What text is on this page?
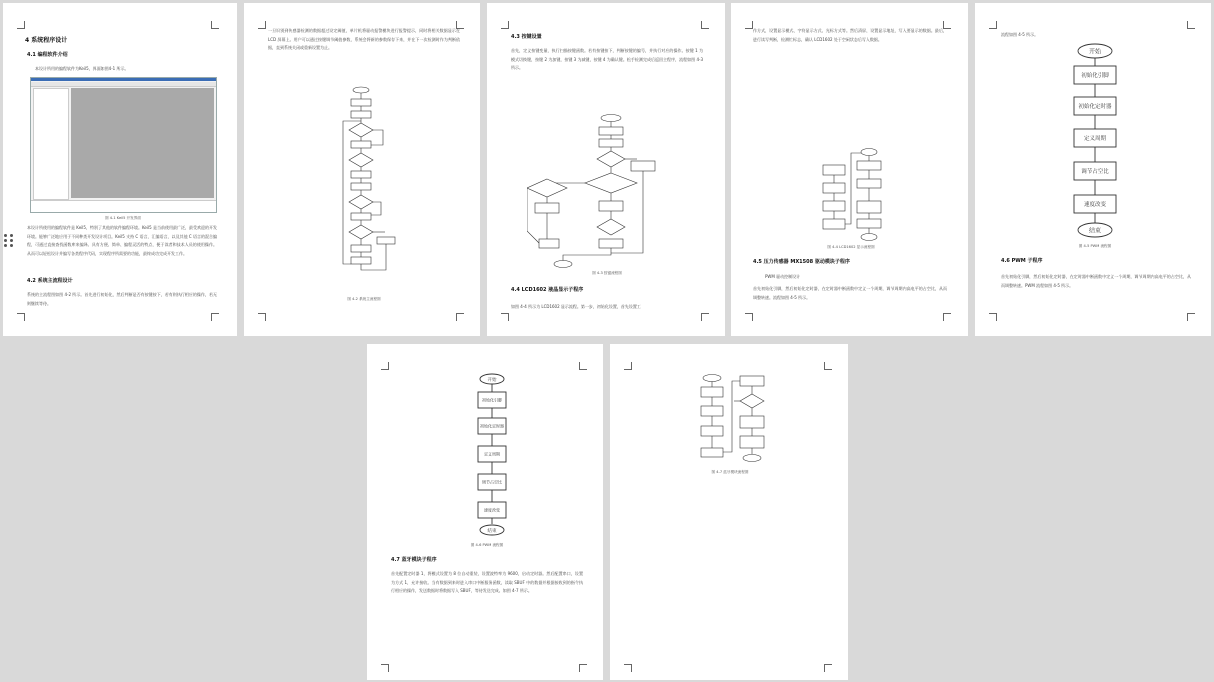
4 系统程序设计
4.1 编程软件介绍
本设计所用的编程软件为Keil5，界面如图4-1 所示。
图 4-1 Keil5 开发界面
本设计所使用的编程软件是 Keil5，特别了其他的软件编程环境。Keil5 是当前使用最广泛，最受欢迎的开发环境。能够广泛地应用于不同种类开发设计项目。Keil5 支持 C 语言，汇编语言，以及其他 C 语言的混合编程，可通过直接查找函数库来编译。具有方便、简单、编程灵活的特点，便于读者和技术人员的使用操作。从而可以轻松设计并编写各类程序代码，实现程序所需要的功能，最终成功完成开发工作。
4.2 系统主流程设计
系统的主流程图如图 4-2 所示。首先进行初始化，然后判断是否有按键按下，若有则执行相应的操作，若无则继续等待。
一旦识别到传感器检测的数据超过设定阈值，单片机将驱动报警模块进行报警提示，同时将相关数据显示在 LCD 屏幕上。用户可以通过按键调节阈值参数，系统会将新的参数保存下来，并在下一次检测时作为判断依据，直到系统关闭或重新设置为止。
图 4-2 系统主流程图
4.3 按键设置
首先，定义按键变量，执行扫描按键函数。若有按键按下，判断按键的编号，并执行对应的操作。按键 1 为模式切换键，按键 2 为加键，按键 3 为减键，按键 4 为确认键。松手检测完成后返回主程序，流程如图 4-3 所示。
图 4-3 按键流程图
4.4 LCD1602 液晶显示子程序
如图 4-4 所示为 LCD1602 显示流程。第一步，初始化设置，首先设置工
作方式，设置显示模式、字符显示方式、光标方式等。然后清屏，设置显示地址，写入要显示的数据。最后，进行读写判断，检测忙标志，确认 LCD1602 处于空闲状态后写入数据。
图 4-4 LCD1602 显示流程图
4.5 压力传感器 MX1508 驱动模块子程序
PWM 驱动控制设计
首先初始化引脚，然后初始化定时器，在定时器中断函数中定义一个周期，调节周期内高电平的占空比，从而调整转速。流程如图 4-5 所示。
流程如图 4-5 所示。
开始
初始化引脚
初始化定时器
定义周期
调节占空比
速度改变
结束
图 4-5 PWM 流程图
4.6 PWM 子程序
首先初始化引脚，然后初始化定时器，在定时器中断函数中定义一个周期，调节周期内高电平的占空比，从而调整转速。PWM 流程如图 4-5 所示。
开始
初始化引脚
初始化定时器
定义周期
调节占空比
速度改变
结束
图 4-6 PWM 流程图
4.7 蓝牙模块子程序
首先配置定时器 1，将模式设置为 8 位自动重装，设置波特率为 9600，启动定时器。然后配置串口，设置为方式 1，允许接收。当有数据到来时进入串口中断服务函数，读取 SBUF 中的数据并根据接收到的指令执行相应的操作，发送数据时将数据写入 SBUF，等待发送完成。如图 4-7 所示。
图 4-7 蓝牙模块流程图
